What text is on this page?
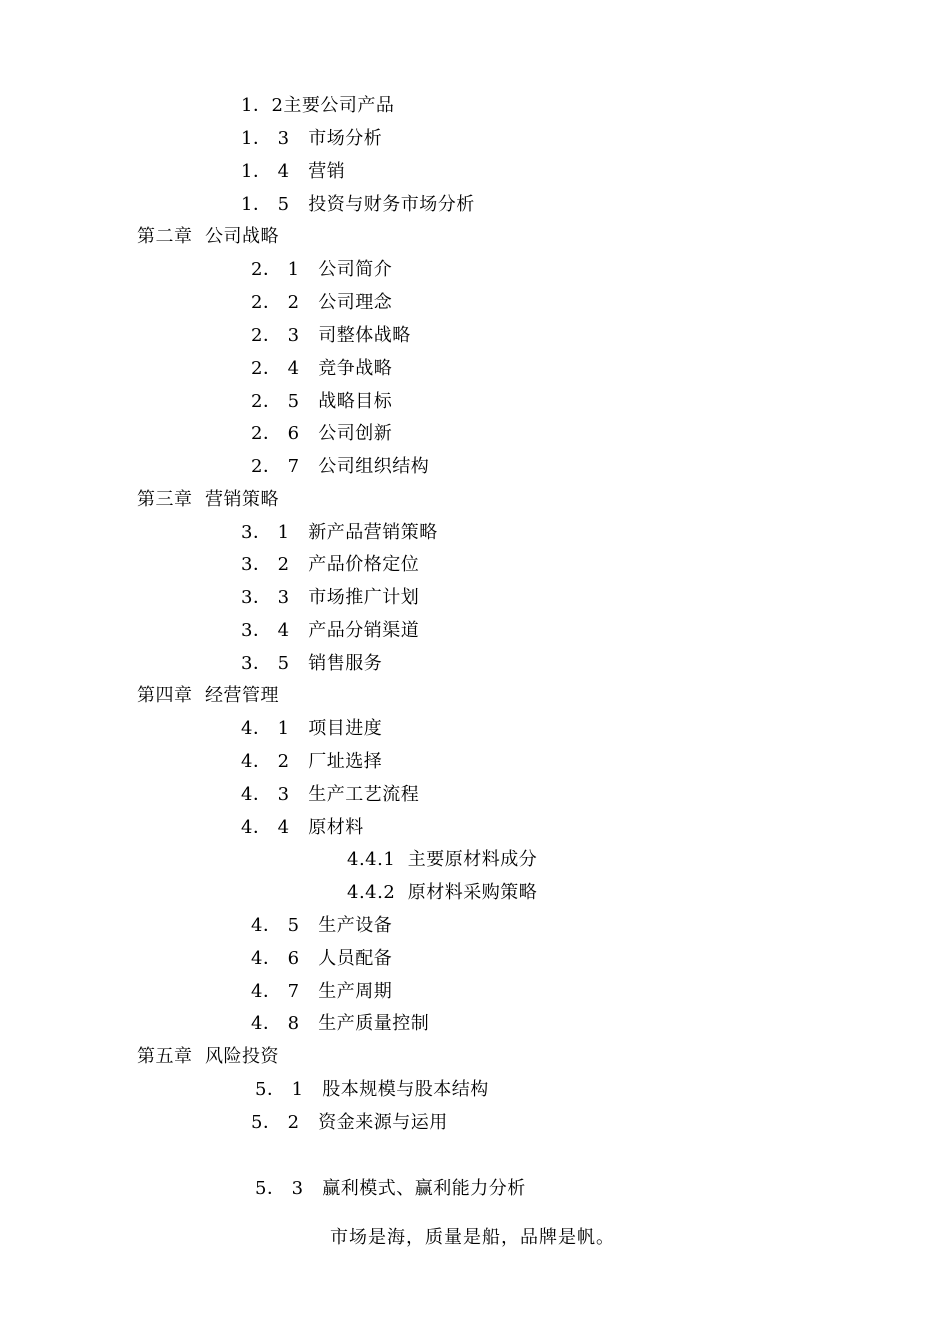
1．2主要公司产品
1． 3   市场分析
1． 4   营销
1． 5   投资与财务市场分析
第二章  公司战略
2． 1   公司简介
2． 2   公司理念
2． 3   司整体战略
2． 4   竞争战略
2． 5   战略目标
2． 6   公司创新
2． 7   公司组织结构
第三章  营销策略
3． 1   新产品营销策略
3． 2   产品价格定位
3． 3   市场推广计划
3． 4   产品分销渠道
3． 5   销售服务
第四章  经营管理
4． 1   项目进度
4． 2   厂址选择
4． 3   生产工艺流程
4． 4   原材料
4.4.1  主要原材料成分
4.4.2  原材料采购策略
4． 5   生产设备
4． 6   人员配备
4． 7   生产周期
4． 8   生产质量控制
第五章  风险投资
5． 1   股本规模与股本结构
5． 2   资金来源与运用
5． 3   赢利模式、赢利能力分析
市场是海，质量是船，品牌是帆。
